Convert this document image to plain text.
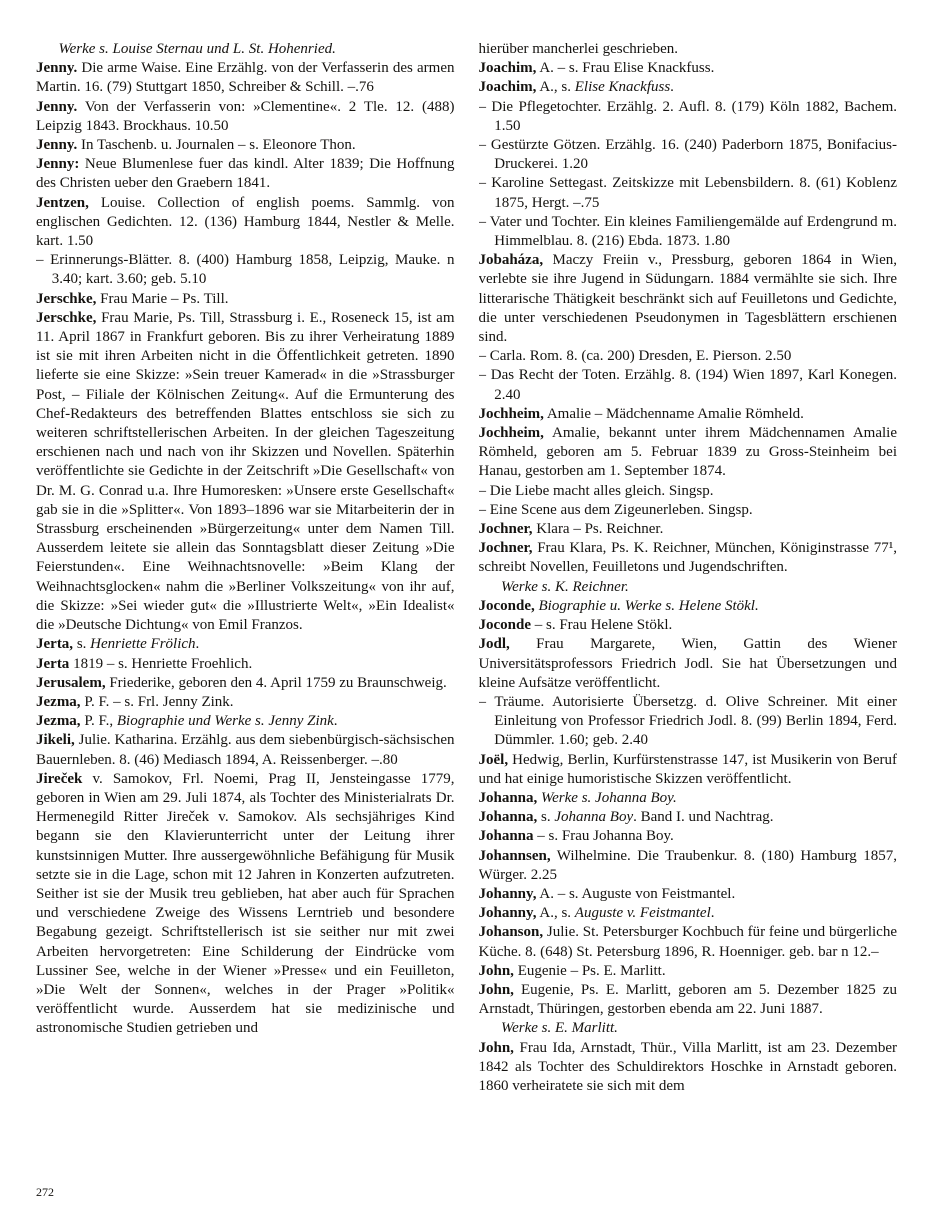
Werke s. Louise Sternau und L. St. Hohenried.

Jenny. Die arme Waise. Eine Erzählg. von der Verfasserin des armen Martin. 16. (79) Stuttgart 1850, Schreiber & Schill. –.76

Jenny. Von der Verfasserin von: »Clementine«. 2 Tle. 12. (488) Leipzig 1843. Brockhaus. 10.50

Jenny. In Taschenb. u. Journalen – s. Eleonore Thon.

Jenny: Neue Blumenlese fuer das kindl. Alter 1839; Die Hoffnung des Christen ueber den Graebern 1841.

Jentzen, Louise. Collection of english poems. Sammlg. von englischen Gedichten. 12. (136) Hamburg 1844, Nestler & Melle. kart. 1.50

– Erinnerungs-Blätter. 8. (400) Hamburg 1858, Leipzig, Mauke. n 3.40; kart. 3.60; geb. 5.10

Jerschke, Frau Marie – Ps. Till.

Jerschke, Frau Marie, Ps. Till, Strassburg i. E., Roseneck 15, ist am 11. April 1867 in Frankfurt geboren. Bis zu ihrer Verheiratung 1889 ist sie mit ihren Arbeiten nicht in die Öffentlichkeit getreten. 1890 lieferte sie eine Skizze: »Sein treuer Kamerad« in die »Strassburger Post, – Filiale der Kölnischen Zeitung«. Auf die Ermunterung des Chef-Redakteurs des betreffenden Blattes entschloss sie sich zu weiteren schriftstellerischen Arbeiten. In der gleichen Tageszeitung erschienen nach und nach von ihr Skizzen und Novellen. Späterhin veröffentlichte sie Gedichte in der Zeitschrift »Die Gesellschaft« von Dr. M. G. Conrad u.a. Ihre Humoresken: »Unsere erste Gesellschaft« gab sie in die »Splitter«. Von 1893–1896 war sie Mitarbeiterin der in Strassburg erscheinenden »Bürgerzeitung« unter dem Namen Till. Ausserdem leitete sie allein das Sonntagsblatt dieser Zeitung »Die Feierstunden«. Eine Weihnachtsnovelle: »Beim Klang der Weihnachtsglocken« nahm die »Berliner Volkszeitung« von ihr auf, die Skizze: »Sei wieder gut« die »Illustrierte Welt«, »Ein Idealist« die »Deutsche Dichtung« von Emil Franzos.

Jerta, s. Henriette Frölich.

Jerta 1819 – s. Henriette Froehlich.

Jerusalem, Friederike, geboren den 4. April 1759 zu Braunschweig.

Jezma, P. F. – s. Frl. Jenny Zink.

Jezma, P. F., Biographie und Werke s. Jenny Zink.

Jikeli, Julie. Katharina. Erzählg. aus dem siebenbürgisch-sächsischen Bauernleben. 8. (46) Mediasch 1894, A. Reissenberger. –.80

Jireček v. Samokov, Frl. Noemi, Prag II, Jensteingasse 1779, geboren in Wien am 29. Juli 1874, als Tochter des Ministerialrats Dr. Hermenegild Ritter Jireček v. Samokov. Als sechsjähriges Kind begann sie den Klavierunterricht unter der Leitung ihrer kunstsinnigen Mutter. Ihre aussergewöhnliche Befähigung für Musik setzte sie in die Lage, schon mit 12 Jahren in Konzerten aufzutreten. Seither ist sie der Musik treu geblieben, hat aber auch für Sprachen und verschiedene Zweige des Wissens Lerntrieb und besondere Begabung gezeigt. Schriftstellerisch ist sie seither nur mit zwei Arbeiten hervorgetreten: Eine Schilderung der Eindrücke vom Lussiner See, welche in der Wiener »Presse« und ein Feuilleton, »Die Welt der Sonnen«, welches in der Prager »Politik« veröffentlicht wurde. Ausserdem hat sie medizinische und astronomische Studien getrieben und

hierüber mancherlei geschrieben.

Joachim, A. – s. Frau Elise Knackfuss.

Joachim, A., s. Elise Knackfuss.

– Die Pflegetochter. Erzählg. 2. Aufl. 8. (179) Köln 1882, Bachem. 1.50

– Gestürzte Götzen. Erzählg. 16. (240) Paderborn 1875, Bonifacius-Druckerei. 1.20

– Karoline Settegast. Zeitskizze mit Lebensbildern. 8. (61) Koblenz 1875, Hergt. –.75

– Vater und Tochter. Ein kleines Familiengemälde auf Erdengrund m. Himmelblau. 8. (216) Ebda. 1873. 1.80

Jobaháza, Maczy Freiin v., Pressburg, geboren 1864 in Wien, verlebte sie ihre Jugend in Südungarn. 1884 vermählte sie sich. Ihre litterarische Thätigkeit beschränkt sich auf Feuilletons und Gedichte, die unter verschiedenen Pseudonymen in Tagesblättern erschienen sind.

– Carla. Rom. 8. (ca. 200) Dresden, E. Pierson. 2.50

– Das Recht der Toten. Erzählg. 8. (194) Wien 1897, Karl Konegen. 2.40

Jochheim, Amalie – Mädchenname Amalie Römheld.

Jochheim, Amalie, bekannt unter ihrem Mädchennamen Amalie Römheld, geboren am 5. Februar 1839 zu Gross-Steinheim bei Hanau, gestorben am 1. September 1874.

– Die Liebe macht alles gleich. Singsp.

– Eine Scene aus dem Zigeunerleben. Singsp.

Jochner, Klara – Ps. Reichner.

Jochner, Frau Klara, Ps. K. Reichner, München, Königinstrasse 77¹, schreibt Novellen, Feuilletons und Jugendschriften.

Werke s. K. Reichner.

Joconde, Biographie u. Werke s. Helene Stökl.

Joconde – s. Frau Helene Stökl.

Jodl, Frau Margarete, Wien, Gattin des Wiener Universitätsprofessors Friedrich Jodl. Sie hat Übersetzungen und kleine Aufsätze veröffentlicht.

– Träume. Autorisierte Übersetzg. d. Olive Schreiner. Mit einer Einleitung von Professor Friedrich Jodl. 8. (99) Berlin 1894, Ferd. Dümmler. 1.60; geb. 2.40

Joël, Hedwig, Berlin, Kurfürstenstrasse 147, ist Musikerin von Beruf und hat einige humoristische Skizzen veröffentlicht.

Johanna, Werke s. Johanna Boy.

Johanna, s. Johanna Boy. Band I. und Nachtrag.

Johanna – s. Frau Johanna Boy.

Johannsen, Wilhelmine. Die Traubenkur. 8. (180) Hamburg 1857, Würger. 2.25

Johanny, A. – s. Auguste von Feistmantel.

Johanny, A., s. Auguste v. Feistmantel.

Johanson, Julie. St. Petersburger Kochbuch für feine und bürgerliche Küche. 8. (648) St. Petersburg 1896, R. Hoenniger. geb. bar n 12.–

John, Eugenie – Ps. E. Marlitt.

John, Eugenie, Ps. E. Marlitt, geboren am 5. Dezember 1825 zu Arnstadt, Thüringen, gestorben ebenda am 22. Juni 1887.

Werke s. E. Marlitt.

John, Frau Ida, Arnstadt, Thür., Villa Marlitt, ist am 23. Dezember 1842 als Tochter des Schuldirektors Hoschke in Arnstadt geboren. 1860 verheiratete sie sich mit dem

272
